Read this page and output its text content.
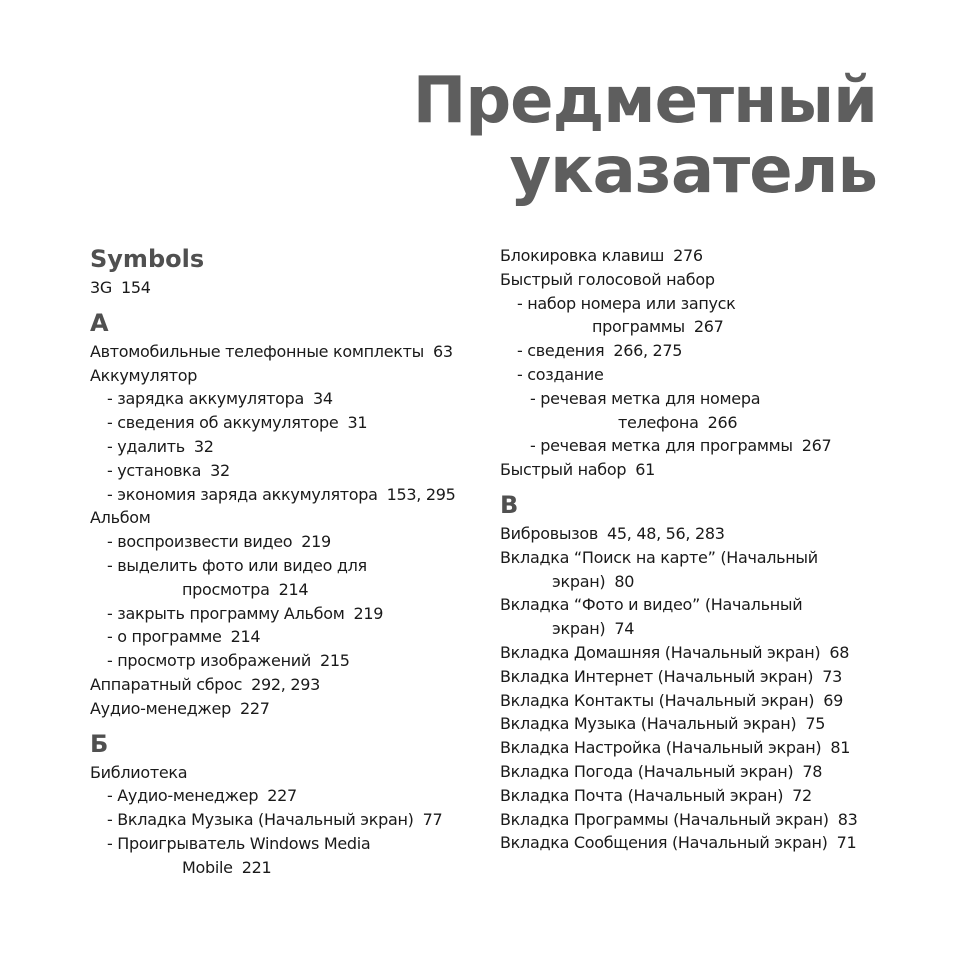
Предметный
указатель
Symbols
3G 154
A
Автомобильные телефонные комплекты 63
Аккумулятор
- зарядка аккумулятора 34
- сведения об аккумуляторе 31
- удалить 32
- установка 32
- экономия заряда аккумулятора 153, 295
Альбом
- воспроизвести видео 219
- выделить фото или видео для
просмотра 214
- закрыть программу Альбом 219
- о программе 214
- просмотр изображений 215
Аппаратный сброс 292, 293
Аудио-менеджер 227
Б
Библиотека
- Аудио-менеджер 227
- Вкладка Музыка (Начальный экран) 77
- Проигрыватель Windows Media
Mobile 221
Блокировка клавиш 276
Быстрый голосовой набор
- набор номера или запуск
программы 267
- сведения 266, 275
- создание
- речевая метка для номера
телефона 266
- речевая метка для программы 267
Быстрый набор 61
B
Вибровызов 45, 48, 56, 283
Вкладка “Поиск на карте” (Начальный
экран) 80
Вкладка “Фото и видео” (Начальный
экран) 74
Вкладка Домашняя (Начальный экран) 68
Вкладка Интернет (Начальный экран) 73
Вкладка Контакты (Начальный экран) 69
Вкладка Музыка (Начальный экран) 75
Вкладка Настройка (Начальный экран) 81
Вкладка Погода (Начальный экран) 78
Вкладка Почта (Начальный экран) 72
Вкладка Программы (Начальный экран) 83
Вкладка Сообщения (Начальный экран) 71
